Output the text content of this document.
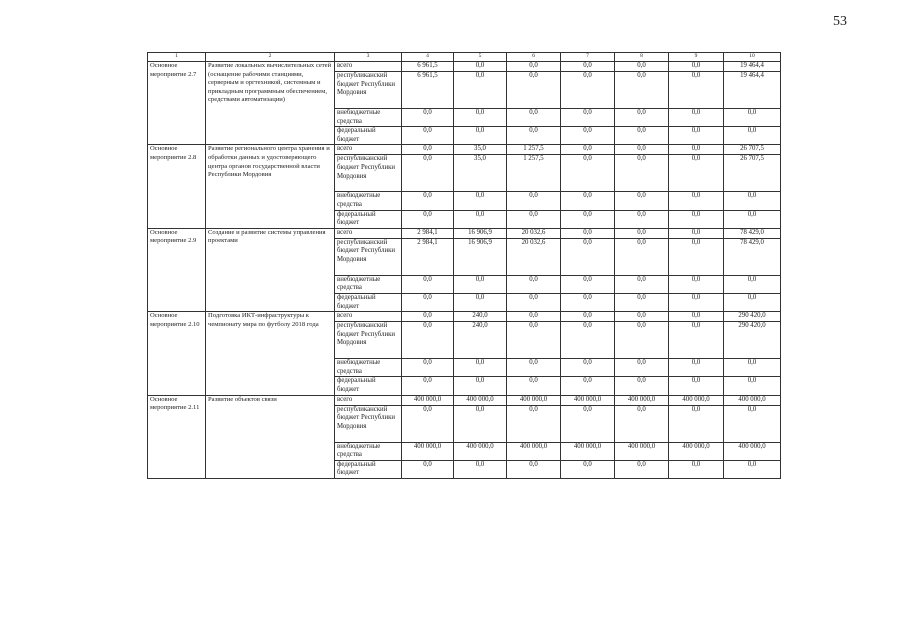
53
1	2	3	4	5	6	7	8	9	10
Основное мероприятие 2.7	Развитие локальных вычислительных сетей (оснащение рабочими станциями, серверным и оргтехникой, системным и прикладным программным обеспечением, средствами автоматизации)	всего	6 961,5	0,0	0,0	0,0	0,0	0,0	19 464,4
		республиканский бюджет Республики Мордовия	6 961,5	0,0	0,0	0,0	0,0	0,0	19 464,4
		внебюджетные средства	0,0	0,0	0,0	0,0	0,0	0,0	0,0
		федеральный бюджет	0,0	0,0	0,0	0,0	0,0	0,0	0,0
Основное мероприятие 2.8	Развитие регионального центра хранения и обработки данных и удостоверяющего центра органов государственной власти Республики Мордовия	всего	0,0	35,0	1 257,5	0,0	0,0	0,0	26 707,5
		республиканский бюджет Республики Мордовия	0,0	35,0	1 257,5	0,0	0,0	0,0	26 707,5
		внебюджетные средства	0,0	0,0	0,0	0,0	0,0	0,0	0,0
		федеральный бюджет	0,0	0,0	0,0	0,0	0,0	0,0	0,0
Основное мероприятие 2.9	Создание и развитие системы управления проектами	всего	2 984,1	16 906,9	20 032,6	0,0	0,0	0,0	78 429,0
		республиканский бюджет Республики Мордовия	2 984,1	16 906,9	20 032,6	0,0	0,0	0,0	78 429,0
		внебюджетные средства	0,0	0,0	0,0	0,0	0,0	0,0	0,0
		федеральный бюджет	0,0	0,0	0,0	0,0	0,0	0,0	0,0
Основное мероприятие 2.10	Подготовка ИКТ-инфраструктуры к чемпионату мира по футболу 2018 года	всего	0,0	240,0	0,0	0,0	0,0	0,0	290 420,0
		республиканский бюджет Республики Мордовия	0,0	240,0	0,0	0,0	0,0	0,0	290 420,0
		внебюджетные средства	0,0	0,0	0,0	0,0	0,0	0,0	0,0
		федеральный бюджет	0,0	0,0	0,0	0,0	0,0	0,0	0,0
Основное мероприятие 2.11	Развитие объектов связи	всего	400 000,0	400 000,0	400 000,0	400 000,0	400 000,0	400 000,0	400 000,0
		республиканский бюджет Республики Мордовия	0,0	0,0	0,0	0,0	0,0	0,0	0,0
		внебюджетные средства	400 000,0	400 000,0	400 000,0	400 000,0	400 000,0	400 000,0	400 000,0
		федеральный бюджет	0,0	0,0	0,0	0,0	0,0	0,0	0,0
